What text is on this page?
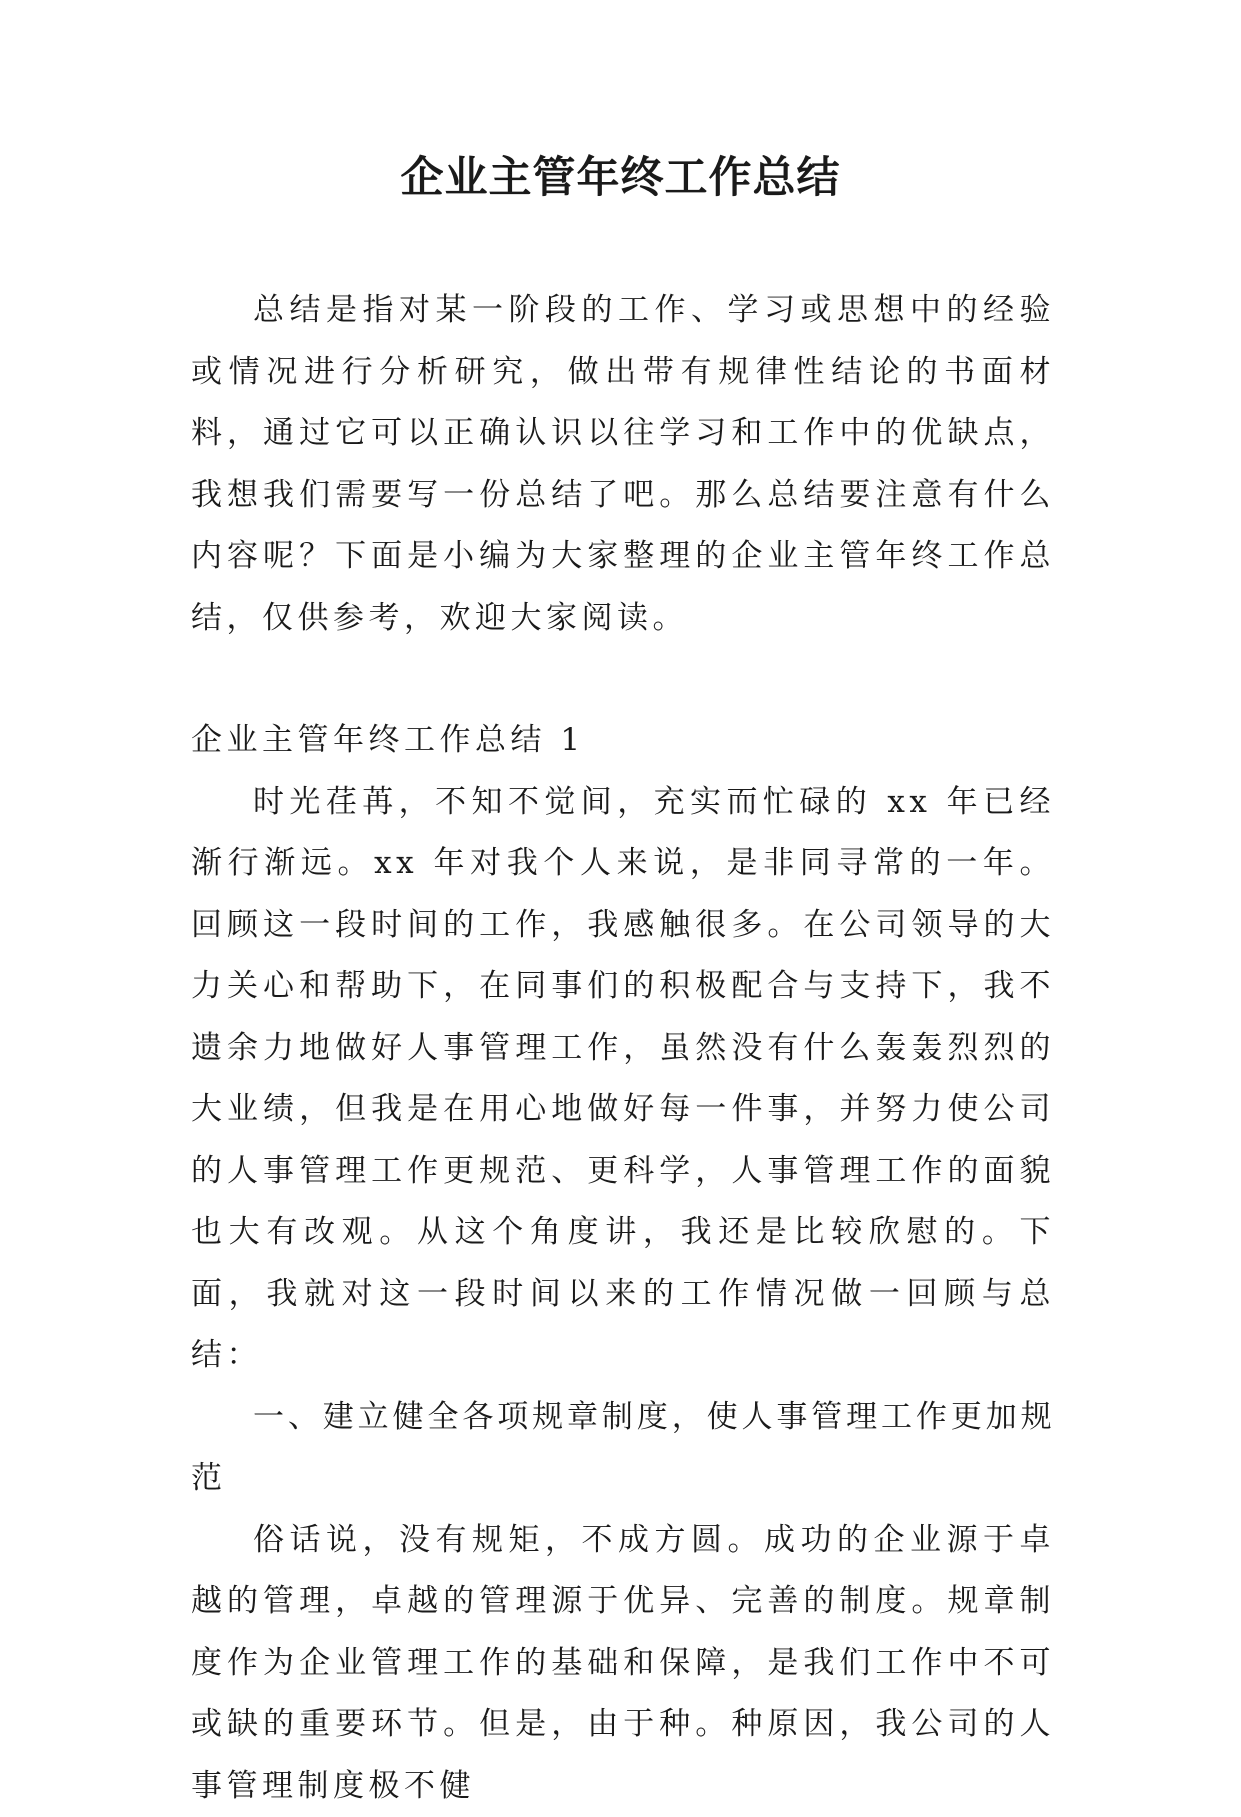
企业主管年终工作总结

总结是指对某一阶段的工作、学习或思想中的经验或情况进行分析研究，做出带有规律性结论的书面材料，通过它可以正确认识以往学习和工作中的优缺点，我想我们需要写一份总结了吧。那么总结要注意有什么内容呢？下面是小编为大家整理的企业主管年终工作总结，仅供参考，欢迎大家阅读。

企业主管年终工作总结 1

时光荏苒，不知不觉间，充实而忙碌的 xx 年已经渐行渐远。xx 年对我个人来说，是非同寻常的一年。回顾这一段时间的工作，我感触很多。在公司领导的大力关心和帮助下，在同事们的积极配合与支持下，我不遗余力地做好人事管理工作，虽然没有什么轰轰烈烈的大业绩，但我是在用心地做好每一件事，并努力使公司的人事管理工作更规范、更科学，人事管理工作的面貌也大有改观。从这个角度讲，我还是比较欣慰的。下面，我就对这一段时间以来的工作情况做一回顾与总结：

一、建立健全各项规章制度，使人事管理工作更加规范

俗话说，没有规矩，不成方圆。成功的企业源于卓越的管理，卓越的管理源于优异、完善的制度。规章制度作为企业管理工作的基础和保障，是我们工作中不可或缺的重要环节。但是，由于种。种原因，我公司的人事管理制度极不健
